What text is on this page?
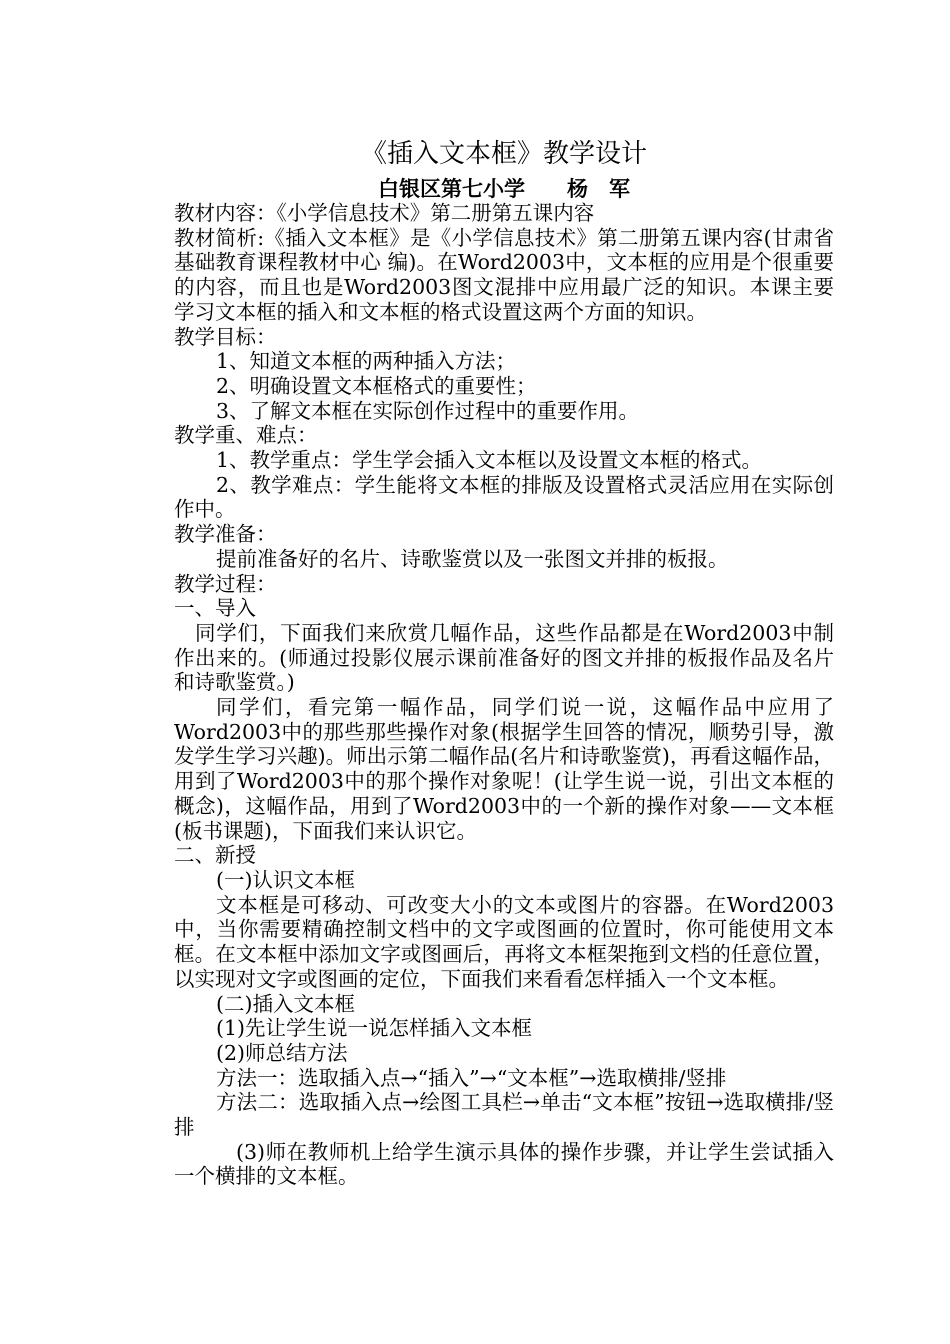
《插入文本框》教学设计

白银区第七小学　　杨　军

教材内容：《小学信息技术》第二册第五课内容

教材简析:《插入文本框》是《小学信息技术》第二册第五课内容(甘肃省基础教育课程教材中心 编)。在Word2003中，文本框的应用是个很重要的内容，而且也是Word2003图文混排中应用最广泛的知识。本课主要学习文本框的插入和文本框的格式设置这两个方面的知识。

教学目标：

1、知道文本框的两种插入方法；

2、明确设置文本框格式的重要性；

3、了解文本框在实际创作过程中的重要作用。

教学重、难点：

1、教学重点：学生学会插入文本框以及设置文本框的格式。

2、教学难点：学生能将文本框的排版及设置格式灵活应用在实际创作中。

教学准备：

提前准备好的名片、诗歌鉴赏以及一张图文并排的板报。

教学过程：

一、导入

同学们，下面我们来欣赏几幅作品，这些作品都是在Word2003中制作出来的。(师通过投影仪展示课前准备好的图文并排的板报作品及名片和诗歌鉴赏。)

同学们，看完第一幅作品，同学们说一说，这幅作品中应用了Word2003中的那些那些操作对象(根据学生回答的情况，顺势引导，激发学生学习兴趣)。师出示第二幅作品(名片和诗歌鉴赏)，再看这幅作品，用到了Word2003中的那个操作对象呢！(让学生说一说，引出文本框的概念)，这幅作品，用到了Word2003中的一个新的操作对象——文本框(板书课题)，下面我们来认识它。

二、新授

(一)认识文本框

文本框是可移动、可改变大小的文本或图片的容器。在Word2003中，当你需要精确控制文档中的文字或图画的位置时，你可能使用文本框。在文本框中添加文字或图画后，再将文本框架拖到文档的任意位置，以实现对文字或图画的定位，下面我们来看看怎样插入一个文本框。

(二)插入文本框

(1)先让学生说一说怎样插入文本框

(2)师总结方法

方法一：选取插入点→“插入”→“文本框”→选取横排/竖排

方法二：选取插入点→绘图工具栏→单击“文本框”按钮→选取横排/竖排

(3)师在教师机上给学生演示具体的操作步骤，并让学生尝试插入一个横排的文本框。
